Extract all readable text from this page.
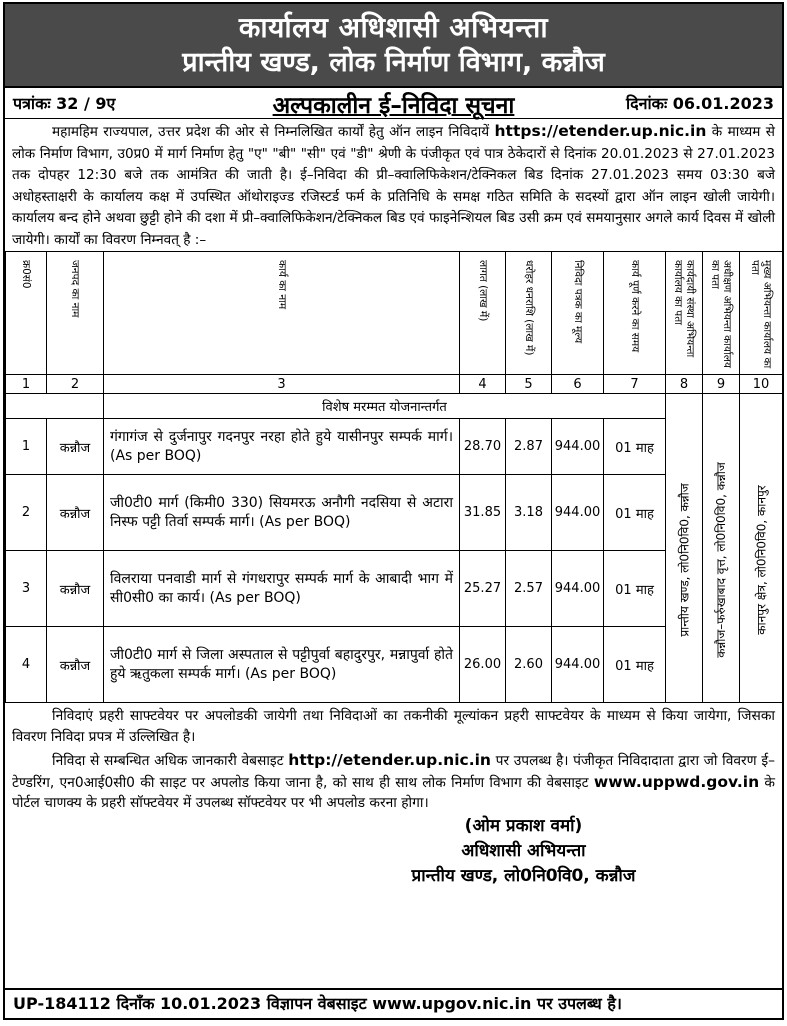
कार्यालय अधिशासी अभियन्ता
प्रान्तीय खण्ड, लोक निर्माण विभाग, कन्नौज
पत्रांकः 32 / 9ए	अल्पकालीन ई–निविदा सूचना	दिनांकः 06.01.2023
महामहिम राज्यपाल, उत्तर प्रदेश की ओर से निम्नलिखित कार्यों हेतु ऑन लाइन निविदायें https://etender.up.nic.in के माध्यम से लोक निर्माण विभाग, उ0प्र0 में मार्ग निर्माण हेतु "ए" "बी" "सी" एवं "डी" श्रेणी के पंजीकृत एवं पात्र ठेकेदारों से दिनांक 20.01.2023 से 27.01.2023 तक दोपहर 12:30 बजे तक आमंत्रित की जाती है। ई–निविदा की प्री–क्वालिफिकेशन/टेक्निकल बिड दिनांक 27.01.2023 समय 03:30 बजे अधोहस्ताक्षरी के कार्यालय कक्ष में उपस्थित ऑथोराइज्ड रजिस्टर्ड फर्म के प्रतिनिधि के समक्ष गठित समिति के सदस्यों द्वारा ऑन लाइन खोली जायेगी। कार्यालय बन्द होने अथवा छुट्टी होने की दशा में प्री–क्वालिफिकेशन/टेक्निकल बिड एवं फाइनेन्शियल बिड उसी क्रम एवं समयानुसार अगले कार्य दिवस में खोली जायेगी। कार्यों का विवरण निम्नवत् है :–
क्र0सं0	जनपद का नाम	कार्य का नाम	लागत (लाख में)	धरोहर धनराशि (लाख में)	निविदा पत्रक का मूल्य	कार्य पूर्ण करने का समय	कार्यदायी संस्था अभियन्ता कार्यालय का पता	अधीक्षण अभियन्ता कार्यालय का पता	मुख्य अभियन्ता कार्यालय का पता

1	2	3	4	5	6	7	8	9	10
		विशेष मरम्मत योजनान्तर्गत							
1	कन्नौज	गंगागंज से दुर्जनापुर गदनपुर नरहा होते हुये यासीनपुर सम्पर्क मार्ग। (As per BOQ)	28.70	2.87	944.00	01 माह	प्रान्तीय खण्ड, लो0नि0वि0, कन्नौज	कन्नौज–फर्रुखाबाद वृत्त, लो0नि0वि0, कन्नौज	कानपुर क्षेत्र, लो0नि0वि0, कानपुर

2	कन्नौज	जी0टी0 मार्ग (किमी0 330) सियमरऊ अनौगी नदसिया से अटारा निस्फ पट्टी तिर्वा सम्पर्क मार्ग। (As per BOQ)	31.85	3.18	944.00	01 माह			
3	कन्नौज	विलराया पनवाडी मार्ग से गंगधरापुर सम्पर्क मार्ग के आबादी भाग में सी0सी0 का कार्य। (As per BOQ)	25.27	2.57	944.00	01 माह			
4	कन्नौज	जी0टी0 मार्ग से जिला अस्पताल से पट्टीपुर्वा बहादुरपुर, मन्नापुर्वा होते हुये ऋतुकला सम्पर्क मार्ग। (As per BOQ)	26.00	2.60	944.00	01 माह			
निविदाएं प्रहरी साफ्टवेयर पर अपलोडकी जायेगी तथा निविदाओं का तकनीकी मूल्यांकन प्रहरी साफ्टवेयर के माध्यम से किया जायेगा, जिसका विवरण निविदा प्रपत्र में उल्लिखित है।
निविदा से सम्बन्धित अधिक जानकारी वेबसाइट http://etender.up.nic.in पर उपलब्ध है। पंजीकृत निविदादाता द्वारा जो विवरण ई–टेण्डरिंग, एन0आई0सी0 की साइट पर अपलोड किया जाना है, को साथ ही साथ लोक निर्माण विभाग की वेबसाइट www.uppwd.gov.in के पोर्टल चाणक्य के प्रहरी सॉफ्टवेयर में उपलब्ध सॉफ्टवेयर पर भी अपलोड करना होगा।
(ओम प्रकाश वर्मा)
अधिशासी अभियन्ता
प्रान्तीय खण्ड, लो0नि0वि0, कन्नौज
UP-184112 दिनाँक 10.01.2023 विज्ञापन वेबसाइट www.upgov.nic.in पर उपलब्ध है।
